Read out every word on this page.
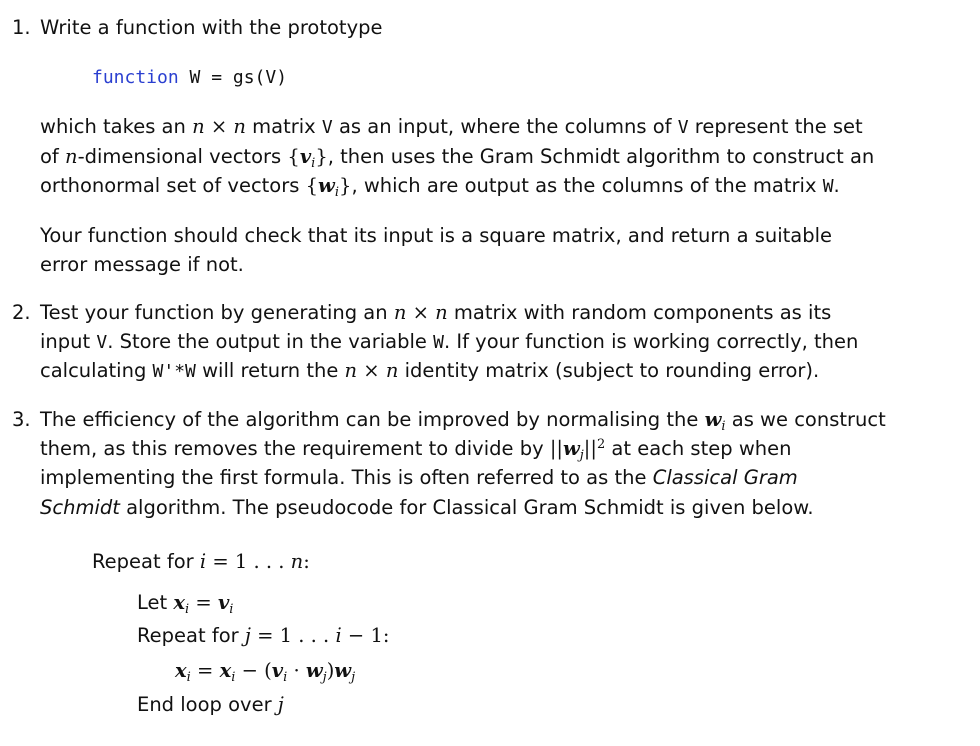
1. Write a function with the prototype
function W = gs(V)
which takes an n × n matrix V as an input, where the columns of V represent the set
of n-dimensional vectors $\{v_i\}$, then uses the Gram Schmidt algorithm to construct an
orthonormal set of vectors $\{w_i\}$, which are output as the columns of the matrix W.
Your function should check that its input is a square matrix, and return a suitable
error message if not.
2. Test your function by generating an n × n matrix with random components as its
input V. Store the output in the variable W. If your function is working correctly, then
calculating W'*W will return the n × n identity matrix (subject to rounding error).
3. The efficiency of the algorithm can be improved by normalising the $w_i$ as we construct
them, as this removes the requirement to divide by $||w_j||^2$ at each step when
implementing the first formula. This is often referred to as the Classical Gram
Schmidt algorithm. The pseudocode for Classical Gram Schmidt is given below.
Repeat for i = 1 . . . n:
Let $x_i = v_i$
Repeat for j = 1 . . . i − 1:
$x_i = x_i - (v_i \cdot w_j)w_j$
End loop over j
